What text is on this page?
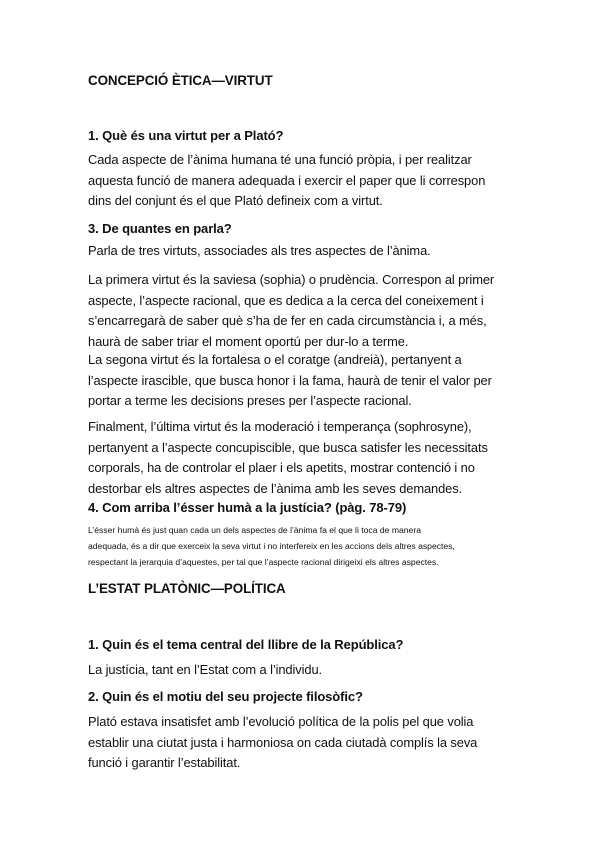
CONCEPCIÓ ÈTICA—VIRTUT
1. Què és una virtut per a Plató?

Cada aspecte de l’ànima humana té una funció pròpia, i per realitzar

aquesta funció de manera adequada i exercir el paper que li correspon

dins del conjunt és el que Plató defineix com a virtut.

3. De quantes en parla?

Parla de tres virtuts, associades als tres aspectes de l’ànima.

La primera virtut és la saviesa (sophia) o prudència. Correspon al primer

aspecte, l’aspecte racional, que es dedica a la cerca del coneixement i

s’encarregarà de saber què s’ha de fer en cada circumstància i, a més,

haurà de saber triar el moment oportú per dur-lo a terme.

La segona virtut és la fortalesa o el coratge (andreià), pertanyent a

l’aspecte irascible, que busca honor i la fama, haurà de tenir el valor per

portar a terme les decisions preses per l’aspecte racional.

Finalment, l’última virtut és la moderació i temperança (sophrosyne),

pertanyent a l’aspecte concupiscible, que busca satisfer les necessitats

corporals, ha de controlar el plaer i els apetits, mostrar contenció i no

destorbar els altres aspectes de l’ànima amb les seves demandes.

4. Com arriba l’ésser humà a la justícia? (pàg. 78-79)

L’ésser humà és just quan cada un dels aspectes de l’ànima fa el que li toca de manera

adequada, és a dir que exerceix la seva virtut i no interfereix en les accions dels altres aspectes,

respectant la jerarquia d’aquestes, per tal que l’aspecte racional dirigeixi els altres aspectes.

L’ESTAT PLATÒNIC—POLÍTICA
1. Quin és el tema central del llibre de la República?

La justícia, tant en l’Estat com a l’individu.

2. Quin és el motiu del seu projecte filosòfic?

Plató estava insatisfet amb l’evolució política de la polis pel que volia

establir una ciutat justa i harmoniosa on cada ciutadà complís la seva

funció i garantir l’estabilitat.
